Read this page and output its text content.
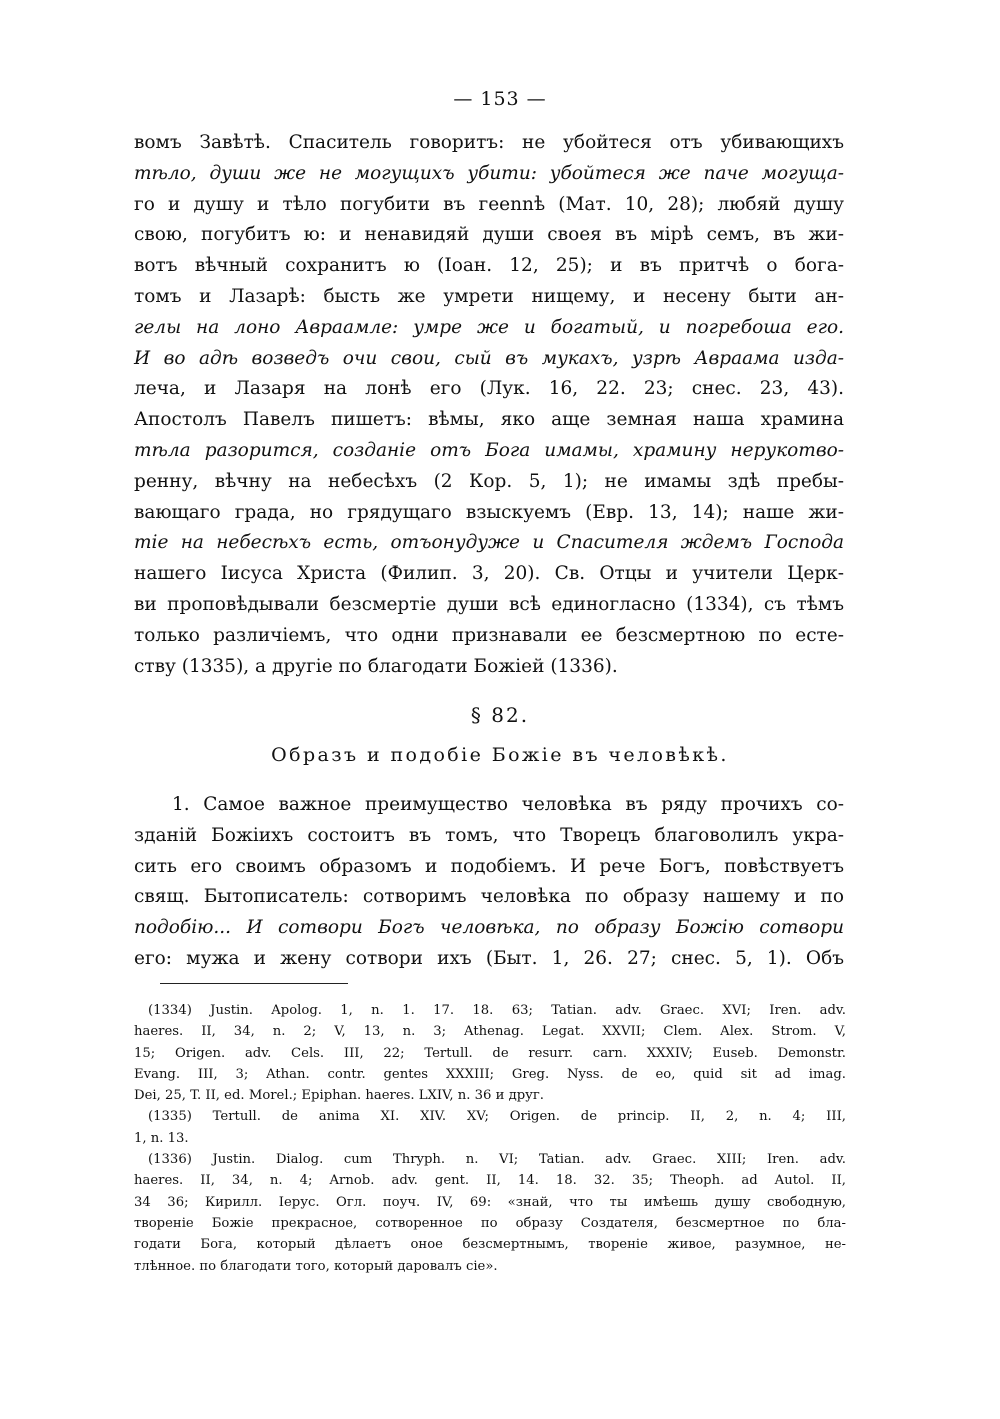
— 153 —
вомъ Завѣтѣ. Спаситель говоритъ: не убойтеся отъ убивающихъ
тѣло, души же не могущихъ убити: убойтеся же паче могуща-
го и душу и тѣло погубити въ геennѣ (Мат. 10, 28); любяй душу
свою, погубитъ ю: и ненавидяй души своея въ мірѣ семъ, въ жи-
вотъ вѣчный сохранитъ ю (Іоан. 12, 25); и въ притчѣ о бога-
томъ и Лазарѣ: бысть же умрети нищему, и несену быти ан-
гелы на лоно Авраамле: умре же и богатый, и погребоша его.
И во адѣ возведъ очи свои, сый въ мукахъ, узрѣ Авраама изда-
лечa, и Лазаря на лонѣ его (Лук. 16, 22. 23; снес. 23, 43).
Апостолъ Павелъ пишетъ: вѣмы, яко аще земная наша храмина
тѣла разорится, созданіе отъ Бога имамы, храмину нерукотво-
ренну, вѣчну на небесѣхъ (2 Кор. 5, 1); не имамы здѣ пребы-
вающаго града, но грядущаго взыскуемъ (Евр. 13, 14); наше жи-
тіе на небесѣхъ есть, отъонудуже и Спасителя ждемъ Господа
нашего Іисуса Христа (Филип. 3, 20). Св. Отцы и учители Церк-
ви проповѣдывали безсмертіе души всѣ единогласно (1334), съ тѣмъ
только различіемъ, что одни признавали ее безсмертною по есте-
ству (1335), а другіе по благодати Божіей (1336).
§ 82.
Образъ и подобіе Божіе въ человѣкѣ.
1. Самое важное преимущество человѣка въ ряду прочихъ со-
зданій Божіихъ состоитъ въ томъ, что Творецъ благоволилъ укра-
сить его своимъ образомъ и подобіемъ. И рече Богъ, повѣствуетъ
свящ. Бытописатель: сотворимъ человѣка по образу нашему и по
подобію... И сотвори Богъ человѣка, по образу Божію сотвори
его: мужа и жену сотвори ихъ (Быт. 1, 26. 27; снес. 5, 1). Объ
(1334) Justin. Apolog. 1, n. 1. 17. 18. 63; Tatian. adv. Graec. XVI; Iren. adv.
haeres. II, 34, n. 2; V, 13, n. 3; Athenag. Legat. XXVII; Clem. Alex. Strom. V,
15; Origen. adv. Cels. III, 22; Tertull. de resurr. carn. XXXIV; Euseb. Demonstr.
Evang. III, 3; Athan. contr. gentes XXXIII; Greg. Nyss. de eo, quid sit ad imag.
Dei, 25, T. II, ed. Morel.; Epiphan. haeres. LXIV, n. 36 и друг.
(1335) Tertull. de anima XI. XIV. XV; Origen. de princip. II, 2, n. 4; III,
1, n. 13.
(1336) Justin. Dialog. cum Thryph. n. VI; Tatian. adv. Graec. XIII; Iren. adv.
haeres. II, 34, n. 4; Arnob. adv. gent. II, 14. 18. 32. 35; Theoph. ad Autol. II,
34 36; Кирилл. Iерус. Огл. поуч. IV, 69: «знай, что ты имѣешь душу свободную,
твореніе Божіе прекрасное, сотворенное по образу Создателя, безсмертное по бла-
годати Бога, который дѣлаетъ оное безсмертнымъ, твореніе живое, разумное, не-
тлѣнное. по благодати того, который даровалъ сіе».
